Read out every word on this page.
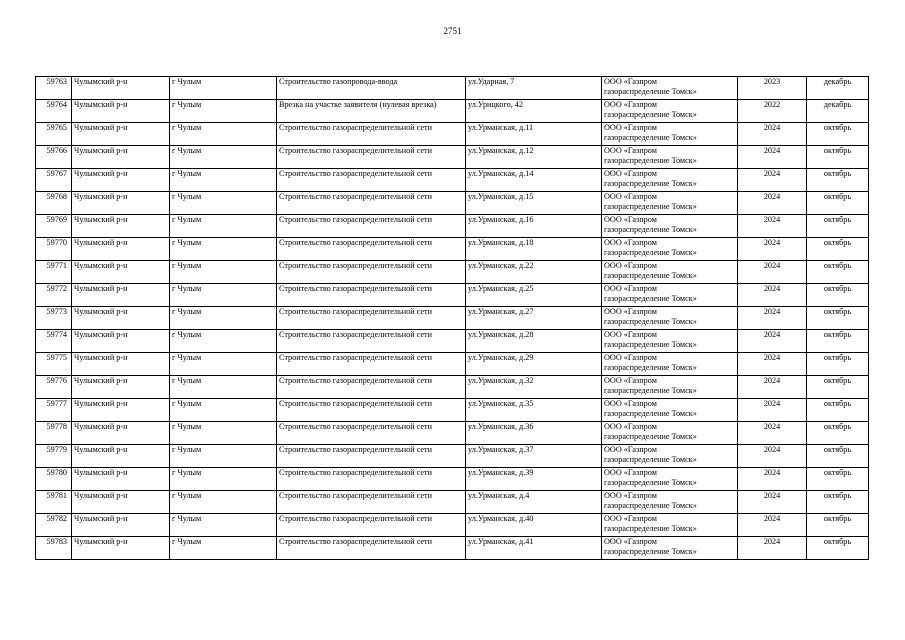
2751
59763	Чулымский р-н	г Чулым	Строительство газопровода-ввода	ул.Ударная, 7	ООО «Газпром
газораспределение Томск»	2023	декабрь
59764	Чулымский р-н	г Чулым	Врезка на участке заявителя (нулевая врезка)	ул.Урицкого, 42	ООО «Газпром
газораспределение Томск»	2022	декабрь
59765	Чулымский р-н	г Чулым	Строительство газораспределительной сети	ул.Урманская, д.11	ООО «Газпром
газораспределение Томск»	2024	октябрь
59766	Чулымский р-н	г Чулым	Строительство газораспределительной сети	ул.Урманская, д.12	ООО «Газпром
газораспределение Томск»	2024	октябрь
59767	Чулымский р-н	г Чулым	Строительство газораспределительной сети	ул.Урманская, д.14	ООО «Газпром
газораспределение Томск»	2024	октябрь
59768	Чулымский р-н	г Чулым	Строительство газораспределительной сети	ул.Урманская, д.15	ООО «Газпром
газораспределение Томск»	2024	октябрь
59769	Чулымский р-н	г Чулым	Строительство газораспределительной сети	ул.Урманская, д.16	ООО «Газпром
газораспределение Томск»	2024	октябрь
59770	Чулымский р-н	г Чулым	Строительство газораспределительной сети	ул.Урманская, д.18	ООО «Газпром
газораспределение Томск»	2024	октябрь
59771	Чулымский р-н	г Чулым	Строительство газораспределительной сети	ул.Урманская, д.22	ООО «Газпром
газораспределение Томск»	2024	октябрь
59772	Чулымский р-н	г Чулым	Строительство газораспределительной сети	ул.Урманская, д.25	ООО «Газпром
газораспределение Томск»	2024	октябрь
59773	Чулымский р-н	г Чулым	Строительство газораспределительной сети	ул.Урманская, д.27	ООО «Газпром
газораспределение Томск»	2024	октябрь
59774	Чулымский р-н	г Чулым	Строительство газораспределительной сети	ул.Урманская, д.28	ООО «Газпром
газораспределение Томск»	2024	октябрь
59775	Чулымский р-н	г Чулым	Строительство газораспределительной сети	ул.Урманская, д.29	ООО «Газпром
газораспределение Томск»	2024	октябрь
59776	Чулымский р-н	г Чулым	Строительство газораспределительной сети	ул.Урманская, д.32	ООО «Газпром
газораспределение Томск»	2024	октябрь
59777	Чулымский р-н	г Чулым	Строительство газораспределительной сети	ул.Урманская, д.35	ООО «Газпром
газораспределение Томск»	2024	октябрь
59778	Чулымский р-н	г Чулым	Строительство газораспределительной сети	ул.Урманская, д.36	ООО «Газпром
газораспределение Томск»	2024	октябрь
59779	Чулымский р-н	г Чулым	Строительство газораспределительной сети	ул.Урманская, д.37	ООО «Газпром
газораспределение Томск»	2024	октябрь
59780	Чулымский р-н	г Чулым	Строительство газораспределительной сети	ул.Урманская, д.39	ООО «Газпром
газораспределение Томск»	2024	октябрь
59781	Чулымский р-н	г Чулым	Строительство газораспределительной сети	ул.Урманская, д.4	ООО «Газпром
газораспределение Томск»	2024	октябрь
59782	Чулымский р-н	г Чулым	Строительство газораспределительной сети	ул.Урманская, д.40	ООО «Газпром
газораспределение Томск»	2024	октябрь
59783	Чулымский р-н	г Чулым	Строительство газораспределительной сети	ул.Урманская, д.41	ООО «Газпром
газораспределение Томск»	2024	октябрь
